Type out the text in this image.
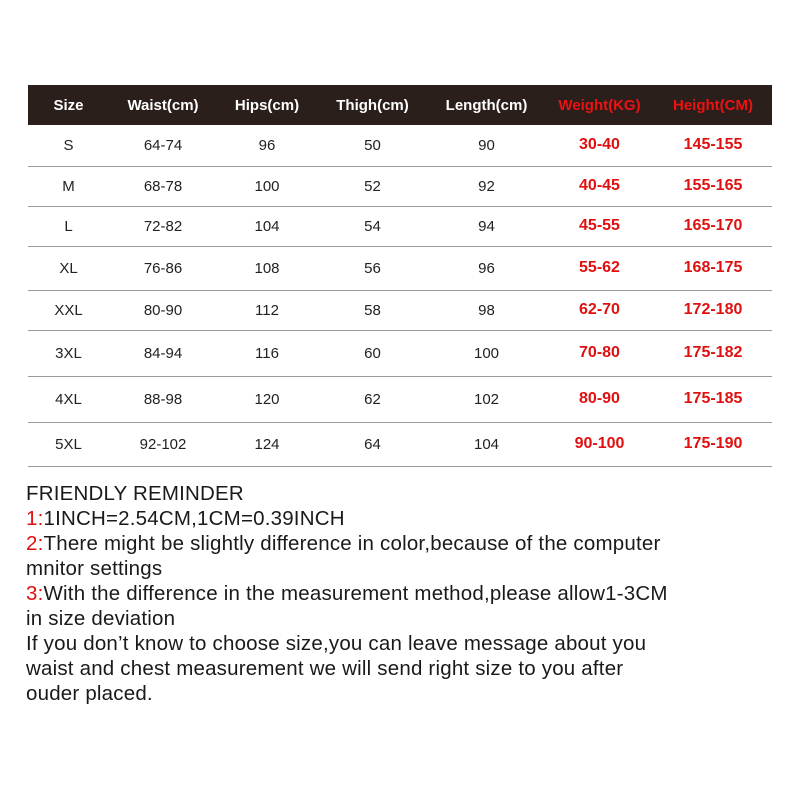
Size	Waist(cm)	Hips(cm)	Thigh(cm)	Length(cm)	Weight(KG)	Height(CM)
S	64-74	96	50	90	30-40	145-155
M	68-78	100	52	92	40-45	155-165
L	72-82	104	54	94	45-55	165-170
XL	76-86	108	56	96	55-62	168-175
XXL	80-90	112	58	98	62-70	172-180
3XL	84-94	116	60	100	70-80	175-182
4XL	88-98	120	62	102	80-90	175-185
5XL	92-102	124	64	104	90-100	175-190
FRIENDLY REMINDER
1:1INCH=2.54CM,1CM=0.39INCH
2:There might be slightly difference in color,because of the computer
mnitor settings
3:With the difference in the measurement method,please allow1-3CM
in size deviation
If you don’t know to choose size,you can leave message about you
waist and chest measurement we will send right size to you after
ouder placed.
